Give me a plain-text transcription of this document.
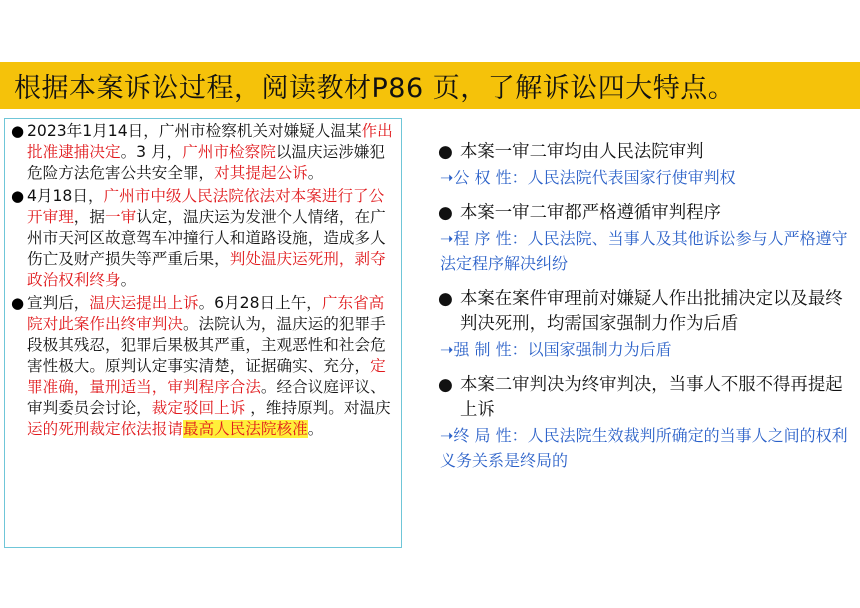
根据本案诉讼过程，阅读教材P86 页，了解诉讼四大特点。
● 2023年1月14日，广州市检察机关对嫌疑人温某作出批准逮捕决定。3 月，广州市检察院以温庆运涉嫌犯危险方法危害公共安全罪，对其提起公诉。
● 4月18日，广州市中级人民法院依法对本案进行了公开审理，据一审认定，温庆运为发泄个人情绪，在广州市天河区故意驾车冲撞行人和道路设施，造成多人伤亡及财产损失等严重后果，判处温庆运死刑，剥夺政治权利终身。
● 宣判后，温庆运提出上诉。6月28日上午，广东省高院对此案作出终审判决。法院认为，温庆运的犯罪手段极其残忍，犯罪后果极其严重，主观恶性和社会危害性极大。原判认定事实清楚，证据确实、充分，定罪准确，量刑适当，审判程序合法。经合议庭评议、审判委员会讨论，裁定驳回上诉 ，维持原判。对温庆运的死刑裁定依法报请最高人民法院核准。
● 本案一审二审均由人民法院审判
➝公 权 性：人民法院代表国家行使审判权
● 本案一审二审都严格遵循审判程序
➝程 序 性：人民法院、当事人及其他诉讼参与人严格遵守法定程序解决纠纷
● 本案在案件审理前对嫌疑人作出批捕决定以及最终判决死刑，均需国家强制力作为后盾
➝强 制 性：以国家强制力为后盾
● 本案二审判决为终审判决，当事人不服不得再提起上诉
➝终 局 性：人民法院生效裁判所确定的当事人之间的权利义务关系是终局的
